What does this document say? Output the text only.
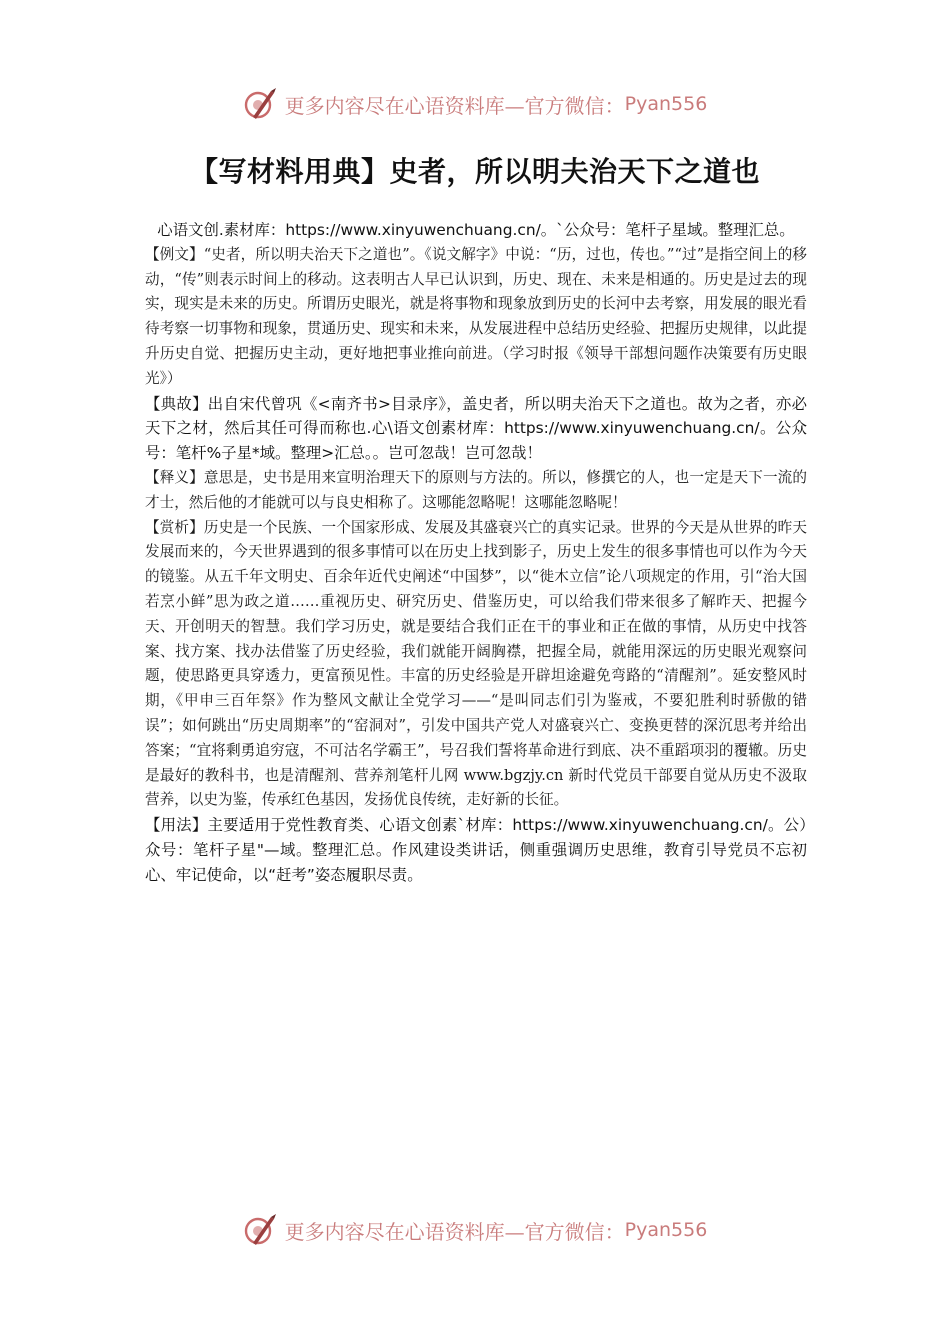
更多内容尽在心语资料库—官方微信： Pyan556
【写材料用典】史者，所以明夫治天下之道也

心语文创.素材库：https://www.xinyuwenchuang.cn/。`公众号：笔杆子星域。整理汇总。

【例文】“史者，所以明夫治天下之道也”。《说文解字》中说：“历，过也，传也。”“过”是指空间上的移动，“传”则表示时间上的移动。这表明古人早已认识到，历史、现在、未来是相通的。历史是过去的现实，现实是未来的历史。所谓历史眼光，就是将事物和现象放到历史的长河中去考察，用发展的眼光看待考察一切事物和现象，贯通历史、现实和未来，从发展进程中总结历史经验、把握历史规律，以此提升历史自觉、把握历史主动，更好地把事业推向前进。（学习时报《领导干部想问题作决策要有历史眼光》）

【典故】出自宋代曾巩《<南齐书>目录序》，盖史者，所以明夫治天下之道也。故为之者，亦必天下之材，然后其任可得而称也.心\语文创素材库：https://www.xinyuwenchuang.cn/。公众号：笔杆%子星*域。整理>汇总。。岂可忽哉！岂可忽哉！

【释义】意思是，史书是用来宣明治理天下的原则与方法的。所以，修撰它的人，也一定是天下一流的才士，然后他的才能就可以与良史相称了。这哪能忽略呢！这哪能忽略呢！

【赏析】历史是一个民族、一个国家形成、发展及其盛衰兴亡的真实记录。世界的今天是从世界的昨天发展而来的，今天世界遇到的很多事情可以在历史上找到影子，历史上发生的很多事情也可以作为今天的镜鉴。从五千年文明史、百余年近代史阐述“中国梦”，以“徙木立信”论八项规定的作用，引“治大国若烹小鲜”思为政之道……重视历史、研究历史、借鉴历史，可以给我们带来很多了解昨天、把握今天、开创明天的智慧。我们学习历史，就是要结合我们正在干的事业和正在做的事情，从历史中找答案、找方案、找办法借鉴了历史经验，我们就能开阔胸襟，把握全局，就能用深远的历史眼光观察问题，使思路更具穿透力，更富预见性。丰富的历史经验是开辟坦途避免弯路的“清醒剂”。延安整风时期，《甲申三百年祭》作为整风文献让全党学习——“是叫同志们引为鉴戒，不要犯胜利时骄傲的错误”；如何跳出“历史周期率”的“窑洞对”，引发中国共产党人对盛衰兴亡、变换更替的深沉思考并给出答案；“宜将剩勇追穷寇，不可沽名学霸王”，号召我们誓将革命进行到底、决不重蹈项羽的覆辙。历史是最好的教科书，也是清醒剂、营养剂笔杆儿网 www.bgzjy.cn 新时代党员干部要自觉从历史不汲取营养，以史为鉴，传承红色基因，发扬优良传统，走好新的长征。

【用法】主要适用于党性教育类、心语文创素`材库：https://www.xinyuwenchuang.cn/。公）众号：笔杆子星"—域。整理汇总。作风建设类讲话，侧重强调历史思维，教育引导党员不忘初心、牢记使命，以“赶考”姿态履职尽责。

更多内容尽在心语资料库—官方微信： Pyan556
